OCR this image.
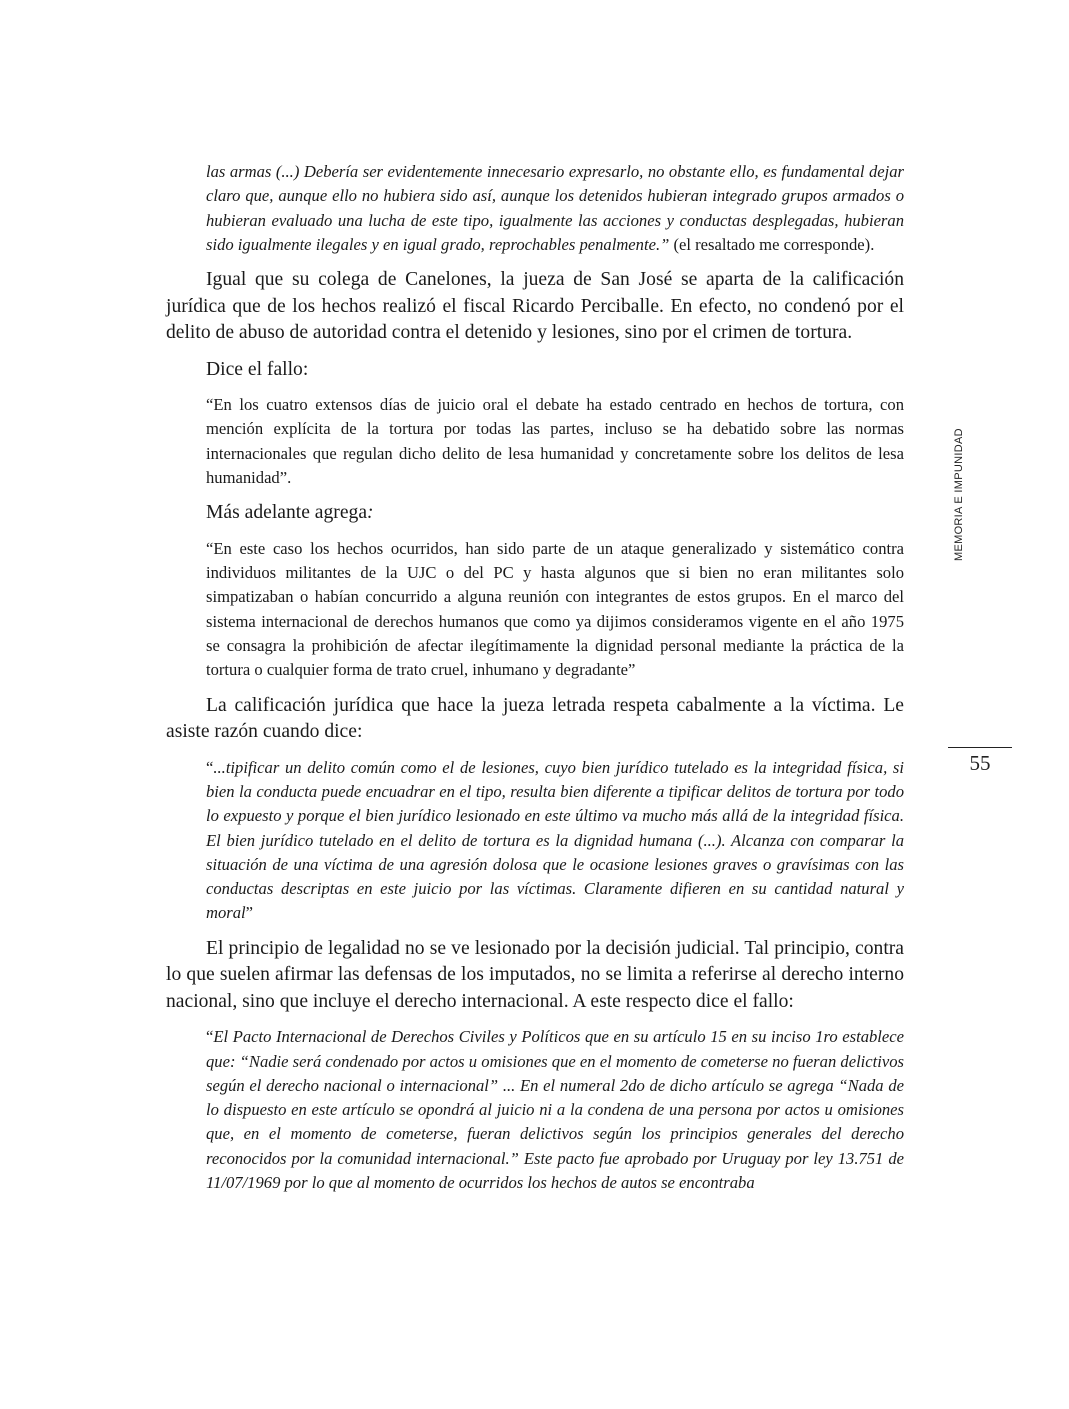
las armas (...) Debería ser evidentemente innecesario expresarlo, no obstante ello, es fundamental dejar claro que, aunque ello no hubiera sido así, aunque los detenidos hubieran integrado grupos armados o hubieran evaluado una lucha de este tipo, igualmente las acciones y conductas desplegadas, hubieran sido igualmente ilegales y en igual grado, reprochables penalmente.” (el resaltado me corresponde).

Igual que su colega de Canelones, la jueza de San José se aparta de la calificación jurídica que de los hechos realizó el fiscal Ricardo Perciballe. En efecto, no condenó por el delito de abuso de autoridad contra el detenido y lesiones, sino por el crimen de tortura.

Dice el fallo:

“En los cuatro extensos días de juicio oral el debate ha estado centrado en hechos de tortura, con mención explícita de la tortura por todas las partes, incluso se ha debatido sobre las normas internacionales que regulan dicho delito de lesa humanidad y concretamente sobre los delitos de lesa humanidad”.

Más adelante agrega:

“En este caso los hechos ocurridos, han sido parte de un ataque generalizado y sistemático contra individuos militantes de la UJC o del PC y hasta algunos que si bien no eran militantes solo simpatizaban o habían concurrido a alguna reunión con integrantes de estos grupos. En el marco del sistema internacional de derechos humanos que como ya dijimos consideramos vigente en el año 1975 se consagra la prohibición de afectar ilegítimamente la dignidad personal mediante la práctica de la tortura o cualquier forma de trato cruel, inhumano y degradante”

La calificación jurídica que hace la jueza letrada respeta cabalmente a la víctima. Le asiste razón cuando dice:

“...tipificar un delito común como el de lesiones, cuyo bien jurídico tutelado es la integridad física, si bien la conducta puede encuadrar en el tipo, resulta bien diferente a tipificar delitos de tortura por todo lo expuesto y porque el bien jurídico lesionado en este último va mucho más allá de la integridad física. El bien jurídico tutelado en el delito de tortura es la dignidad humana (...). Alcanza con comparar la situación de una víctima de una agresión dolosa que le ocasione lesiones graves o gravísimas con las conductas descriptas en este juicio por las víctimas. Claramente difieren en su cantidad natural y moral”

El principio de legalidad no se ve lesionado por la decisión judicial. Tal principio, contra lo que suelen afirmar las defensas de los imputados, no se limita a referirse al derecho interno nacional, sino que incluye el derecho internacional. A este respecto dice el fallo:

“El Pacto Internacional de Derechos Civiles y Políticos que en su artículo 15 en su inciso 1ro establece que: “Nadie será condenado por actos u omisiones que en el momento de cometerse no fueran delictivos según el derecho nacional o internacional” ... En el numeral 2do de dicho artículo se agrega “Nada de lo dispuesto en este artículo se opondrá al juicio ni a la condena de una persona por actos u omisiones que, en el momento de cometerse, fueran delictivos según los principios generales del derecho reconocidos por la comunidad internacional.” Este pacto fue aprobado por Uruguay por ley 13.751 de 11/07/1969 por lo que al momento de ocurridos los hechos de autos se encontraba

MEMORIA E IMPUNIDAD
55
